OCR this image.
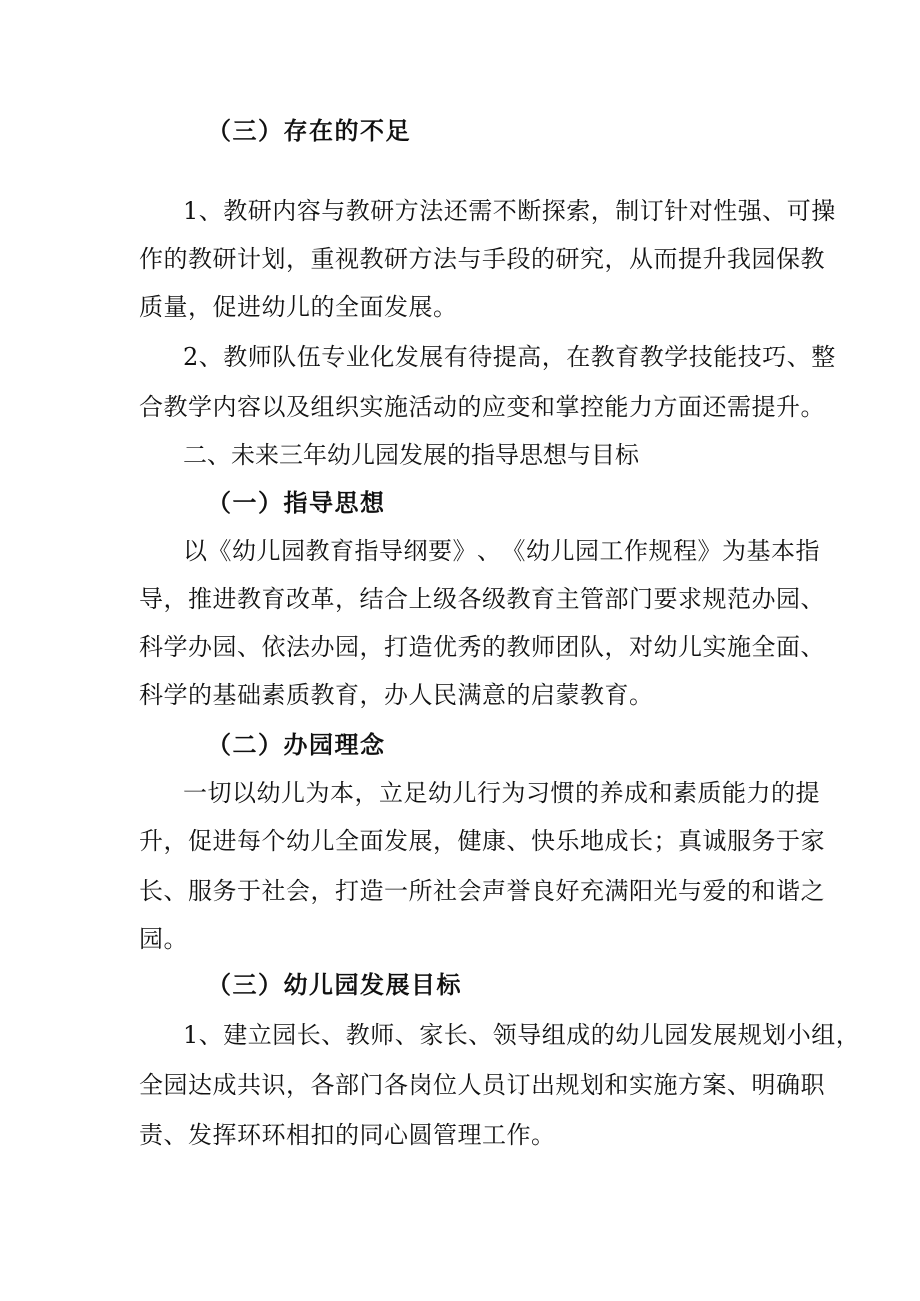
（三）存在的不足
1 、 教 研 内 容 与 教 研 方 法 还 需 不 断 探 索 ， 制 订 针 对 性 强 、 可 操
作 的 教 研 计 划 ， 重 视 教 研 方 法 与 手 段 的 研 究 ， 从 而 提 升 我 园 保 教
质量，促进幼儿的全面发展。
2 、 教 师 队 伍 专 业 化 发 展 有 待 提 高 ， 在 教 育 教 学 技 能 技 巧 、 整
合 教 学 内 容 以 及 组 织 实 施 活 动 的 应 变 和 掌 控 能 力 方 面 还 需 提 升 。
二、未来三年幼儿园发展的指导思想与目标
（一）指导思想
以 《 幼 儿 园 教 育 指 导 纲 要 》 、 《 幼 儿 园 工 作 规 程 》 为 基 本 指
导 ， 推 进 教 育 改 革 ， 结 合 上 级 各 级 教 育 主 管 部 门 要 求 规 范 办 园 、
科 学 办 园 、 依 法 办 园 ， 打 造 优 秀 的 教 师 团 队 ， 对 幼 儿 实 施 全 面 、
科学的基础素质教育，办人民满意的启蒙教育。
（二）办园理念
一 切 以 幼 儿 为 本 ， 立 足 幼 儿 行 为 习 惯 的 养 成 和 素 质 能 力 的 提
升 ， 促 进 每 个 幼 儿 全 面 发 展 ， 健 康 、 快 乐 地 成 长 ； 真 诚 服 务 于 家
长 、 服 务 于 社 会 ， 打 造 一 所 社 会 声 誉 良 好 充 满 阳 光 与 爱 的 和 谐 之
园。
（三）幼儿园发展目标
1 、 建 立 园 长 、 教 师 、 家 长 、 领 导 组 成 的 幼 儿 园 发 展 规 划 小 组 ，
全 园 达 成 共 识 ， 各 部 门 各 岗 位 人 员 订 出 规 划 和 实 施 方 案 、 明 确 职
责、发挥环环相扣的同心圆管理工作。
